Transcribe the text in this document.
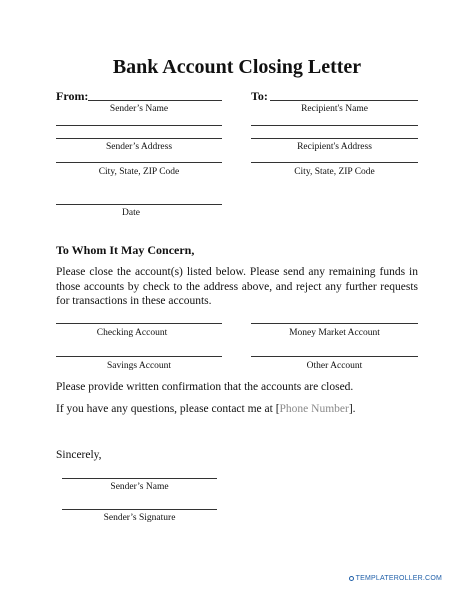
Bank Account Closing Letter
From:
Sender’s Name
Sender’s Address
City, State, ZIP Code
Date
To:
Recipient's Name
Recipient's Address
City, State, ZIP Code
To Whom It May Concern,
Please close the account(s) listed below. Please send any remaining funds in those accounts by check to the address above, and reject any further requests for transactions in these accounts.
Checking Account	Money Market Account
Savings Account	Other Account
Please provide written confirmation that the accounts are closed.
If you have any questions, please contact me at [Phone Number].
Sincerely,
Sender’s Name
Sender’s Signature
TEMPLATEROLLER.COM
